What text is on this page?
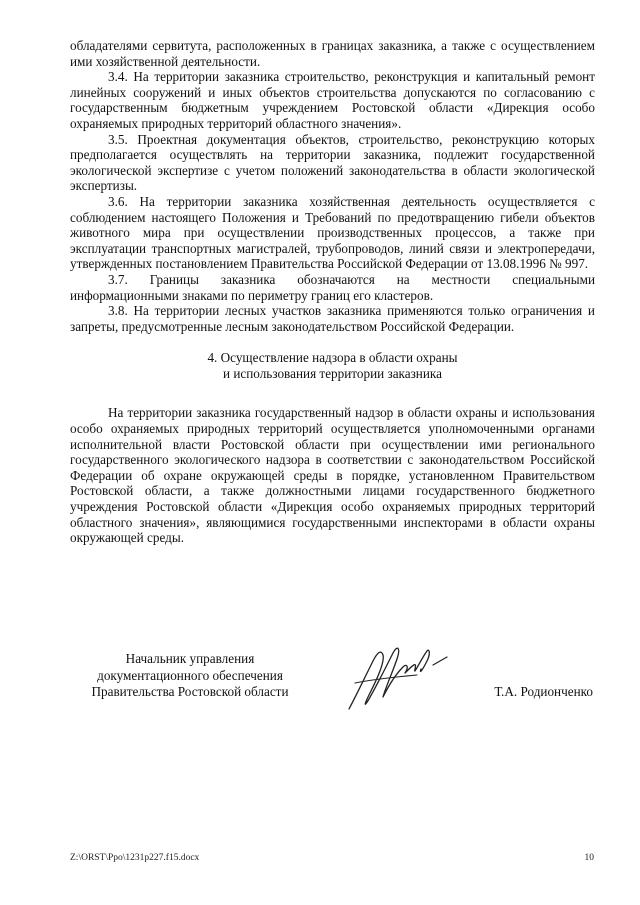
обладателями сервитута, расположенных в границах заказника, а также с осуществлением ими хозяйственной деятельности.

3.4. На территории заказника строительство, реконструкция и капитальный ремонт линейных сооружений и иных объектов строительства допускаются по согласованию с государственным бюджетным учреждением Ростовской области «Дирекция особо охраняемых природных территорий областного значения».

3.5. Проектная документация объектов, строительство, реконструкцию которых предполагается осуществлять на территории заказника, подлежит государственной экологической экспертизе с учетом положений законодательства в области экологической экспертизы.

3.6. На территории заказника хозяйственная деятельность осуществляется с соблюдением настоящего Положения и Требований по предотвращению гибели объектов животного мира при осуществлении производственных процессов, а также при эксплуатации транспортных магистралей, трубопроводов, линий связи и электропередачи, утвержденных постановлением Правительства Российской Федерации от 13.08.1996 № 997.

3.7. Границы заказника обозначаются на местности специальными информационными знаками по периметру границ его кластеров.

3.8. На территории лесных участков заказника применяются только ограничения и запреты, предусмотренные лесным законодательством Российской Федерации.

4. Осуществление надзора в области охраны
и использования территории заказника

На территории заказника государственный надзор в области охраны и использования особо охраняемых природных территорий осуществляется уполномоченными органами исполнительной власти Ростовской области при осуществлении ими регионального государственного экологического надзора в соответствии с законодательством Российской Федерации об охране окружающей среды в порядке, установленном Правительством Ростовской области, а также должностными лицами государственного бюджетного учреждения Ростовской области «Дирекция особо охраняемых природных территорий областного значения», являющимися государственными инспекторами в области охраны окружающей среды.

Начальник управления
документационного обеспечения
Правительства Ростовской области	Т.А. Родионченко
Z:\ORST\Ppo\1231p227.f15.docx	10
